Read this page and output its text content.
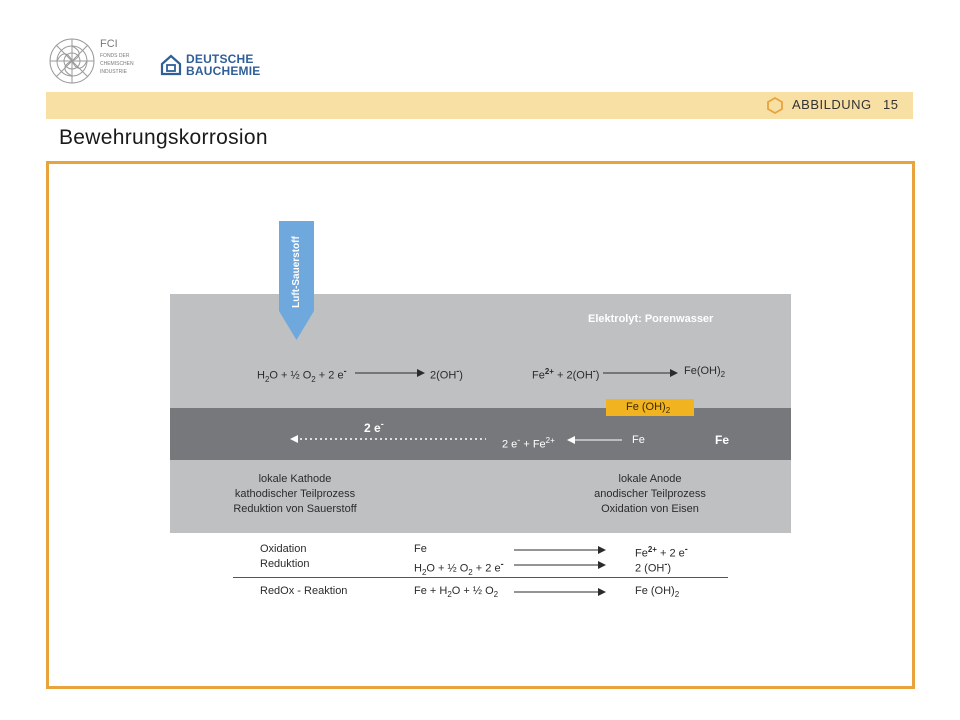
FCI
FONDS DER
CHEMISCHEN
INDUSTRIE
DEUTSCHE
BAUCHEMIE
ABBILDUNG 15
Bewehrungskorrosion
Luft-Sauerstoff
Elektrolyt: Porenwasser
$H_2O$ + ½ $O_2 + 2$ e-	2(OH-)	$Fe^{2+} + 2(OH^-)$	$Fe(OH)_2$
Fe $(OH)_2$
2 e-
2 $e^- + Fe^{2+}$	Fe	Fe
lokale Kathode
kathodischer Teilprozess
Reduktion von Sauerstoff
lokale Anode
anodischer Teilprozess
Oxidation von Eisen
Oxidation	Fe	$Fe^{2+} + 2$ e-
Reduktion	$H_2O$ + ½ $O_2 + 2$ e-	2 (OH-)
RedOx - Reaktion	$Fe + H_2O$ + ½ $O_2$	Fe $(OH)_2$
